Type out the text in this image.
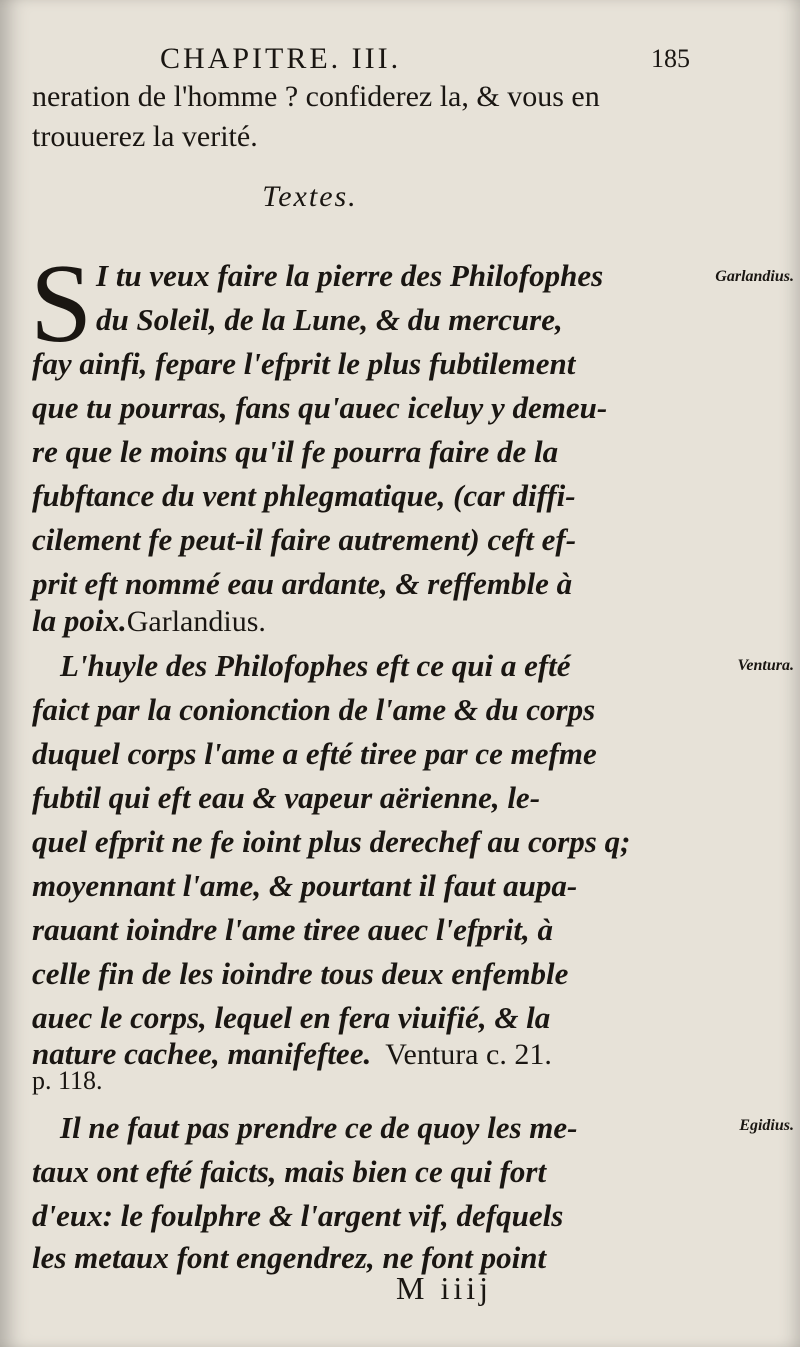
CHAPITRE. III.	185
neration de l'homme ? confiderez la, & vous en
trouuerez la verité.
Textes.
S I tu veux faire la pierre des Philofophes
du Soleil, de la Lune, & du mercure,
fay ainfi, fepare l'efprit le plus fubtilement
que tu pourras, fans qu'auec iceluy y demeu-
re que le moins qu'il fe pourra faire de la
fubftance du vent phlegmatique, (car diffi-
cilement fe peut-il faire autrement) ceft ef-
prit eft nommé eau ardante, & reffemble à
la poix.Garlandius.
L'huyle des Philofophes eft ce qui a efté
faict par la conionction de l'ame & du corps
duquel corps l'ame a efté tiree par ce mefme
fubtil qui eft eau & vapeur aërienne, le-
quel efprit ne fe ioint plus derechef au corps q;
moyennant l'ame, & pourtant il faut aupa-
rauant ioindre l'ame tiree auec l'efprit, à
celle fin de les ioindre tous deux enfemble
auec le corps, lequel en fera viuifié, & la
nature cachee, manifeftee. Ventura c. 21.
p. 118.
Il ne faut pas prendre ce de quoy les me-
taux ont efté faicts, mais bien ce qui fort
d'eux: le foulphre & l'argent vif, defquels
les metaux font engendrez, ne font point
Garlandius.
Ventura.
Egidius.
M iiij
